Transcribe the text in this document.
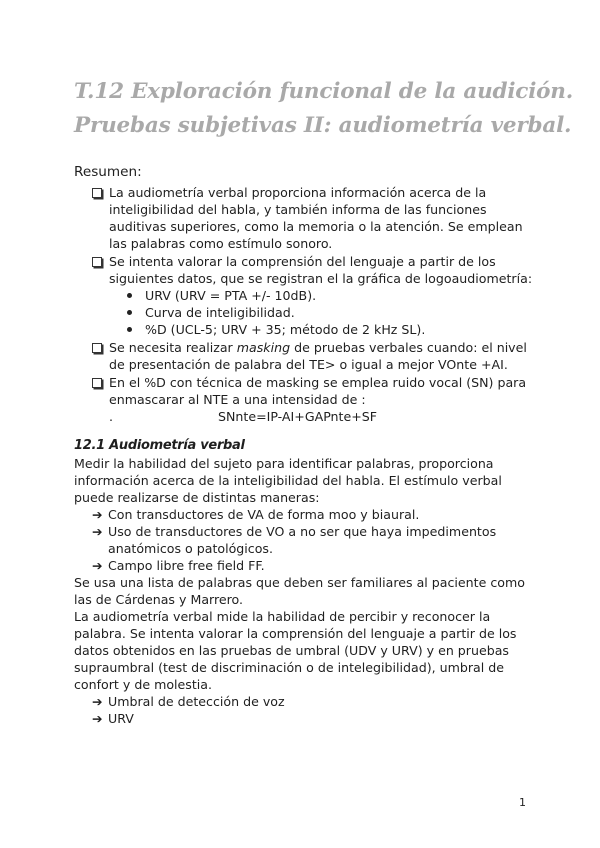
T.12 Exploración funcional de la audición.
Pruebas subjetivas II: audiometría verbal.
Resumen:
La audiometría verbal proporciona información acerca de la inteligibilidad del habla, y también informa de las funciones auditivas superiores, como la memoria o la atención. Se emplean las palabras como estímulo sonoro.
Se intenta valorar la comprensión del lenguaje a partir de los siguientes datos, que se registran el la gráfica de logoaudiometría:
URV (URV = PTA +/- 10dB).
Curva de inteligibilidad.
%D (UCL-5; URV + 35; método de 2 kHz SL).
Se necesita realizar masking de pruebas verbales cuando: el nivel de presentación de palabra del TE> o igual a mejor VOnte +AI.
En el %D con técnica de masking se emplea ruido vocal (SN) para enmascarar al NTE a una intensidad de :
.	SNnte=IP-AI+GAPnte+SF
12.1 Audiometría verbal

Medir la habilidad del sujeto para identificar palabras, proporciona información acerca de la inteligibilidad del habla. El estímulo verbal puede realizarse de distintas maneras:

➔ Con transductores de VA de forma moo y biaural.
➔ Uso de transductores de VO a no ser que haya impedimentos anatómicos o patológicos.
➔ Campo libre free field FF.

Se usa una lista de palabras que deben ser familiares al paciente como las de Cárdenas y Marrero.

La audiometría verbal mide la habilidad de percibir y reconocer la palabra. Se intenta valorar la comprensión del lenguaje a partir de los datos obtenidos en las pruebas de umbral (UDV y URV) y en pruebas supraumbral (test de discriminación o de intelegibilidad), umbral de confort y de molestia.

➔ Umbral de detección de voz
➔ URV
1
